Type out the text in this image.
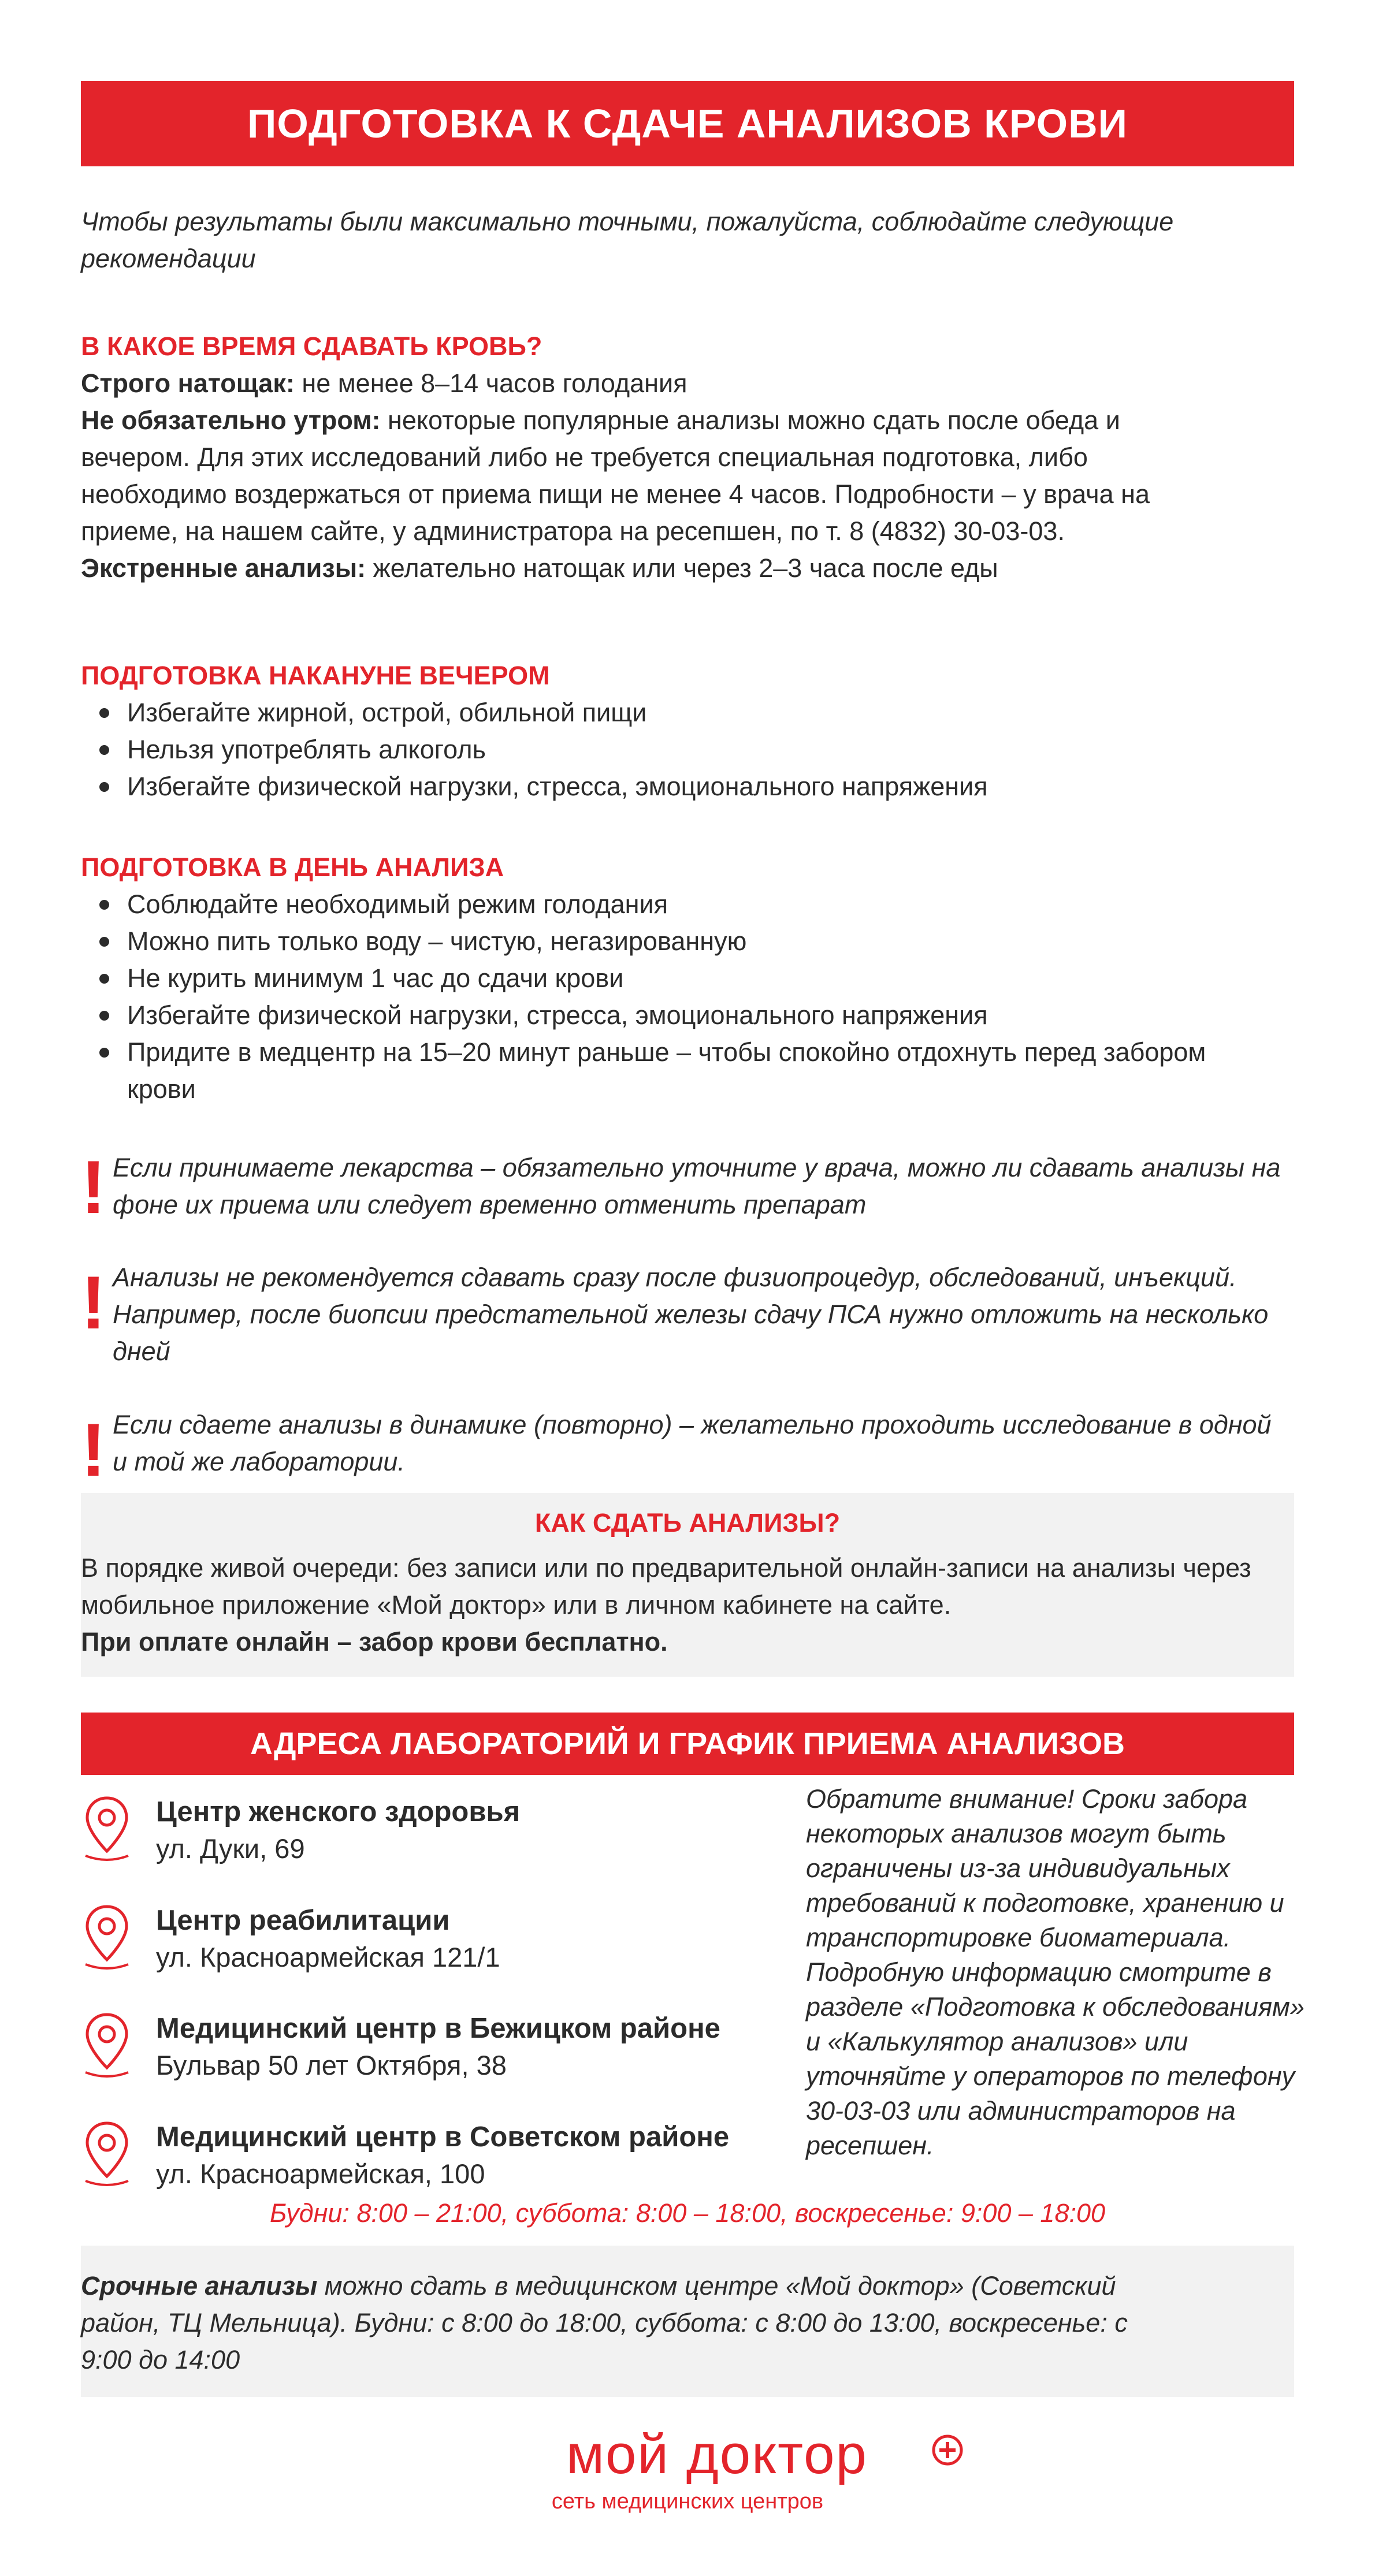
ПОДГОТОВКА К СДАЧЕ АНАЛИЗОВ КРОВИ
Чтобы результаты были максимально точными, пожалуйста, соблюдайте следующие рекомендации
В КАКОЕ ВРЕМЯ СДАВАТЬ КРОВЬ?
Строго натощак: не менее 8–14 часов голодания
Не обязательно утром: некоторые популярные анализы можно сдать после обеда и вечером. Для этих исследований либо не требуется специальная подготовка, либо необходимо воздержаться от приема пищи не менее 4 часов. Подробности – у врача на приеме, на нашем сайте, у администратора на ресепшен, по т. 8 (4832) 30-03-03.
Экстренные анализы: желательно натощак или через 2–3 часа после еды
ПОДГОТОВКА НАКАНУНЕ ВЕЧЕРОМ
Избегайте жирной, острой, обильной пищи
Нельзя употреблять алкоголь
Избегайте физической нагрузки, стресса, эмоционального напряжения
ПОДГОТОВКА В ДЕНЬ АНАЛИЗА
Соблюдайте необходимый режим голодания
Можно пить только воду – чистую, негазированную
Не курить минимум 1 час до сдачи крови
Избегайте физической нагрузки, стресса, эмоционального напряжения
Придите в медцентр на 15–20 минут раньше – чтобы спокойно отдохнуть перед забором крови
! Если принимаете лекарства – обязательно уточните у врача, можно ли сдавать анализы на фоне их приема или следует временно отменить препарат
! Анализы не рекомендуется сдавать сразу после физиопроцедур, обследований, инъекций. Например, после биопсии предстательной железы сдачу ПСА нужно отложить на несколько дней
! Если сдаете анализы в динамике (повторно) – желательно проходить исследование в одной и той же лаборатории.
КАК СДАТЬ АНАЛИЗЫ?
В порядке живой очереди: без записи или по предварительной онлайн-записи на анализы через мобильное приложение «Мой доктор» или в личном кабинете на сайте.
При оплате онлайн – забор крови бесплатно.
АДРЕСА ЛАБОРАТОРИЙ И ГРАФИК ПРИЕМА АНАЛИЗОВ
Центр женского здоровья
ул. Дуки, 69
Центр реабилитации
ул. Красноармейская 121/1
Медицинский центр в Бежицком районе
Бульвар 50 лет Октября, 38
Медицинский центр в Советском районе
ул. Красноармейская, 100
Обратите внимание! Сроки забора некоторых анализов могут быть ограничены из-за индивидуальных требований к подготовке, хранению и транспортировке биоматериала. Подробную информацию смотрите в разделе «Подготовка к обследованиям» и «Калькулятор анализов» или уточняйте у операторов по телефону 30-03-03 или администраторов на ресепшен.
Будни: 8:00 – 21:00, суббота: 8:00 – 18:00, воскресенье: 9:00 – 18:00
Срочные анализы можно сдать в медицинском центре «Мой доктор» (Советский район, ТЦ Мельница). Будни: с 8:00 до 18:00, суббота: с 8:00 до 13:00, воскресенье: с 9:00 до 14:00
мой доктор
сеть медицинских центров
